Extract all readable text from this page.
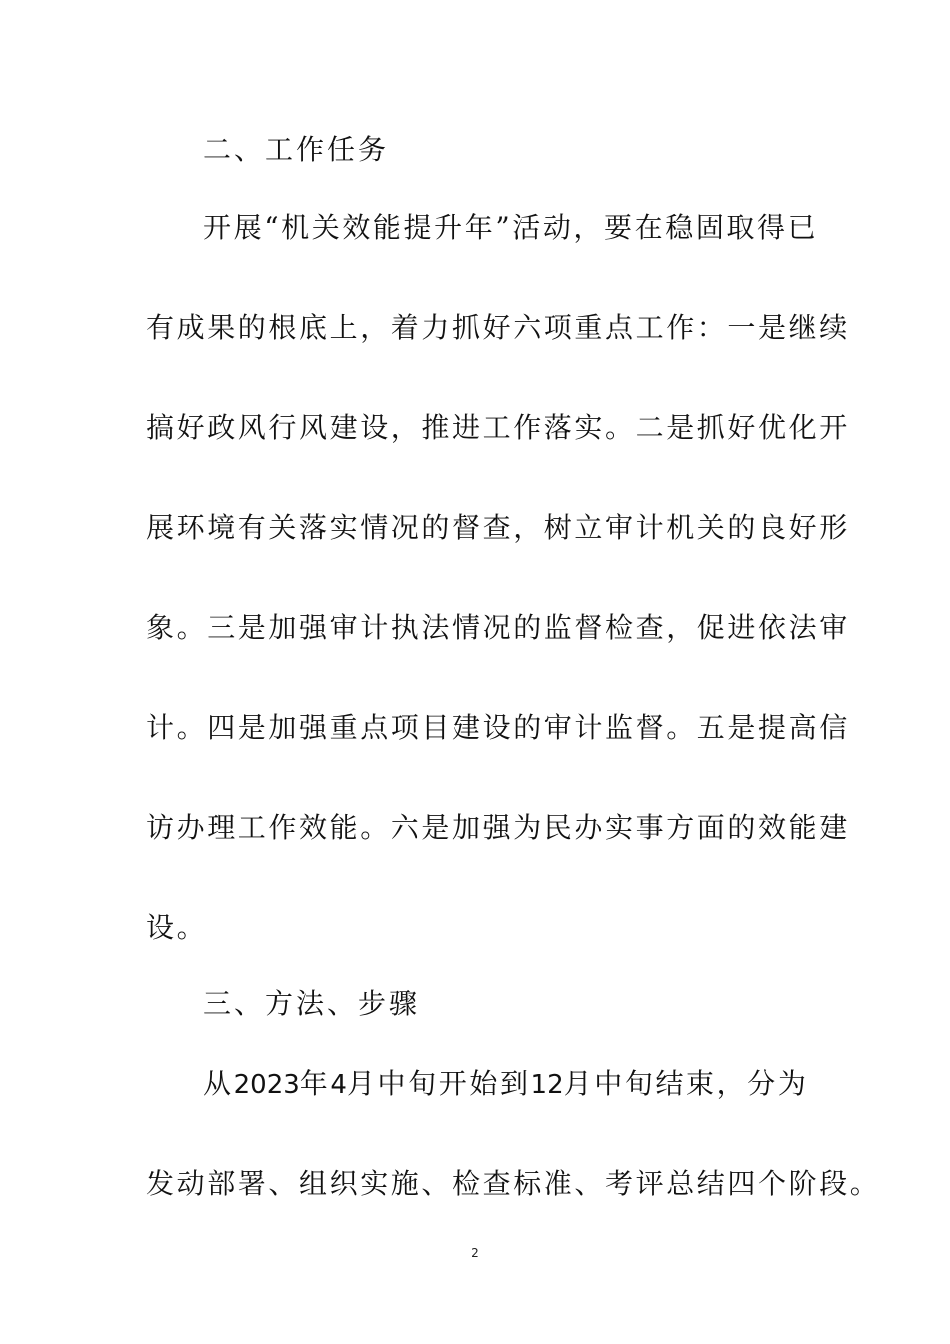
二、工作任务
开展“机关效能提升年”活动，要在稳固取得已
有成果的根底上，着力抓好六项重点工作：一是继续
搞好政风行风建设，推进工作落实。二是抓好优化开
展环境有关落实情况的督查，树立审计机关的良好形
象。三是加强审计执法情况的监督检查，促进依法审
计。四是加强重点项目建设的审计监督。五是提高信
访办理工作效能。六是加强为民办实事方面的效能建
设。
三、方法、步骤
从2023年4月中旬开始到12月中旬结束，分为
发动部署、组织实施、检查标准、考评总结四个阶段。
2
